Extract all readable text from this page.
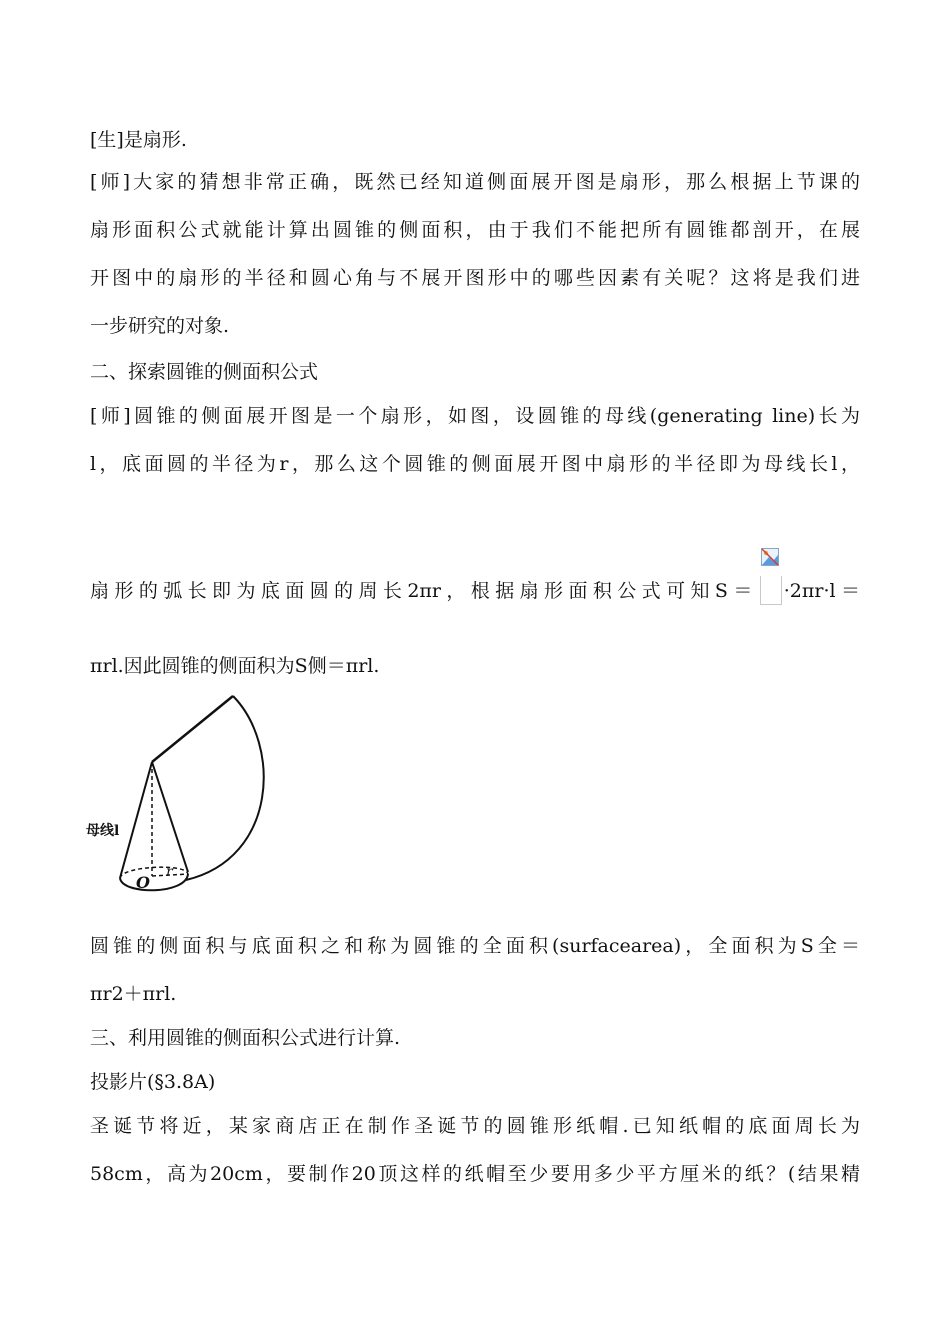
[生]是扇形.
[师]大家的猜想非常正确，既然已经知道侧面展开图是扇形，那么根据上节课的
扇形面积公式就能计算出圆锥的侧面积，由于我们不能把所有圆锥都剖开，在展
开图中的扇形的半径和圆心角与不展开图形中的哪些因素有关呢？这将是我们进
一步研究的对象.
二、探索圆锥的侧面积公式
[师]圆锥的侧面展开图是一个扇形，如图，设圆锥的母线(generating line)长为
l，底面圆的半径为r，那么这个圆锥的侧面展开图中扇形的半径即为母线长l，
扇形的弧长即为底面圆的周长2πr，根据扇形面积公式可知S＝ ·2πr·l＝
πrl.因此圆锥的侧面积为S侧＝πrl.
母线l
O
r
圆锥的侧面积与底面积之和称为圆锥的全面积(surfacearea)，全面积为S全＝
πr2＋πrl.
三、利用圆锥的侧面积公式进行计算.
投影片(§3.8A)
圣诞节将近，某家商店正在制作圣诞节的圆锥形纸帽.已知纸帽的底面周长为
58cm，高为20cm，要制作20顶这样的纸帽至少要用多少平方厘米的纸？(结果精
